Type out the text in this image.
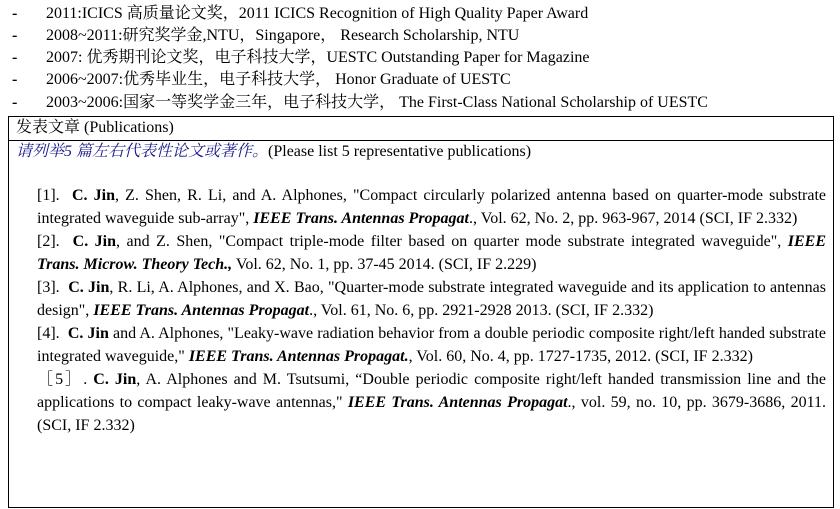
- 2011:ICICS 高质量论文奖，2011 ICICS Recognition of High Quality Paper Award
- 2008~2011:研究奖学金,NTU，Singapore， Research Scholarship, NTU
- 2007: 优秀期刊论文奖，电子科技大学，UESTC Outstanding Paper for Magazine
- 2006~2007:优秀毕业生，电子科技大学， Honor Graduate of UESTC
- 2003~2006:国家一等奖学金三年，电子科技大学， The First-Class National Scholarship of UESTC
发表文章 (Publications)
请列举5 篇左右代表性论文或著作。(Please list 5 representative publications)
[1]. C. Jin, Z. Shen, R. Li, and A. Alphones, "Compact circularly polarized antenna based on quarter-mode substrate integrated waveguide sub-array", IEEE Trans. Antennas Propagat., Vol. 62, No. 2, pp. 963-967, 2014 (SCI, IF 2.332)
[2]. C. Jin, and Z. Shen, "Compact triple-mode filter based on quarter mode substrate integrated waveguide", IEEE Trans. Microw. Theory Tech., Vol. 62, No. 1, pp. 37-45 2014. (SCI, IF 2.229)
[3]. C. Jin, R. Li, A. Alphones, and X. Bao, "Quarter-mode substrate integrated waveguide and its application to antennas design", IEEE Trans. Antennas Propagat., Vol. 61, No. 6, pp. 2921-2928 2013. (SCI, IF 2.332)
[4]. C. Jin and A. Alphones, "Leaky-wave radiation behavior from a double periodic composite right/left handed substrate integrated waveguide," IEEE Trans. Antennas Propagat., Vol. 60, No. 4, pp. 1727-1735, 2012. (SCI, IF 2.332)
［5］. C. Jin, A. Alphones and M. Tsutsumi, “Double periodic composite right/left handed transmission line and the applications to compact leaky-wave antennas," IEEE Trans. Antennas Propagat., vol. 59, no. 10, pp. 3679-3686, 2011. (SCI, IF 2.332)
